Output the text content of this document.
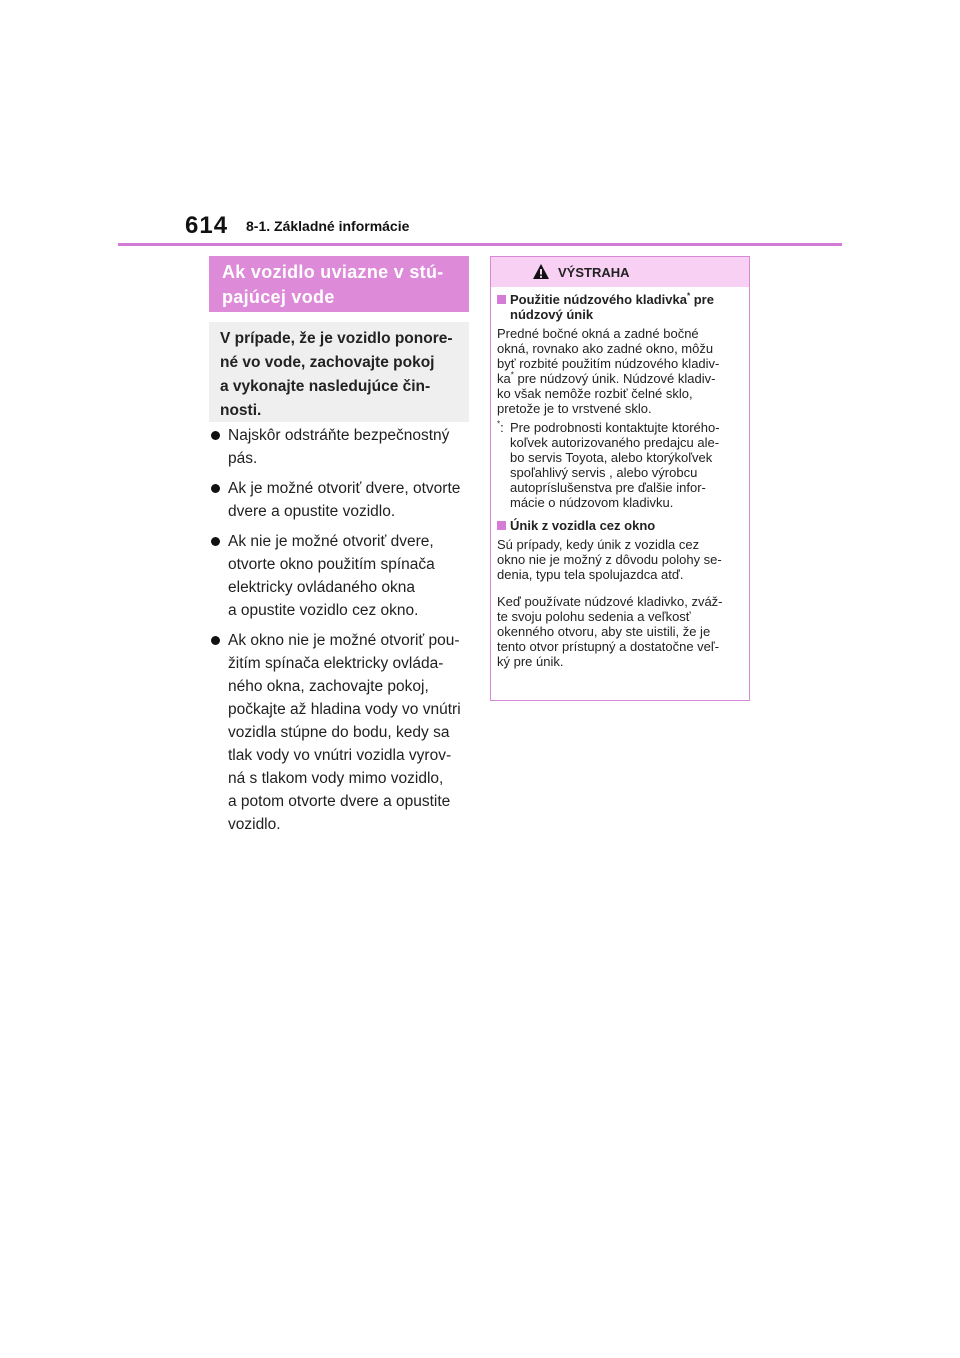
614 8-1. Základné informácie
Ak vozidlo uviazne v stú-
pajúcej vode
V prípade, že je vozidlo ponore-
né vo vode, zachovajte pokoj
a vykonajte nasledujúce čin-
nosti.
Najskôr odstráňte bezpečnostný
pás.
Ak je možné otvoriť dvere, otvorte
dvere a opustite vozidlo.
Ak nie je možné otvoriť dvere,
otvorte okno použitím spínača
elektricky ovládaného okna
a opustite vozidlo cez okno.
Ak okno nie je možné otvoriť pou-
žitím spínača elektricky ovláda-
ného okna, zachovajte pokoj,
počkajte až hladina vody vo vnútri
vozidla stúpne do bodu, kedy sa
tlak vody vo vnútri vozidla vyrov-
ná s tlakom vody mimo vozidlo,
a potom otvorte dvere a opustite
vozidlo.
VÝSTRAHA
Použitie núdzového kladivka* pre
núdzový únik
Predné bočné okná a zadné bočné
okná, rovnako ako zadné okno, môžu
byť rozbité použitím núdzového kladiv-
ka* pre núdzový únik. Núdzové kladiv-
ko však nemôže rozbiť čelné sklo,
pretože je to vrstvené sklo.
*: Pre podrobnosti kontaktujte ktorého-
koľvek autorizovaného predajcu ale-
bo servis Toyota, alebo ktorýkoľvek
spoľahlivý servis , alebo výrobcu
autopríslušenstva pre ďalšie infor-
mácie o núdzovom kladivku.
Únik z vozidla cez okno
Sú prípady, kedy únik z vozidla cez
okno nie je možný z dôvodu polohy se-
denia, typu tela spolujazdca atď.
Keď používate núdzové kladivko, zváž-
te svoju polohu sedenia a veľkosť
okenného otvoru, aby ste uistili, že je
tento otvor prístupný a dostatočne veľ-
ký pre únik.
